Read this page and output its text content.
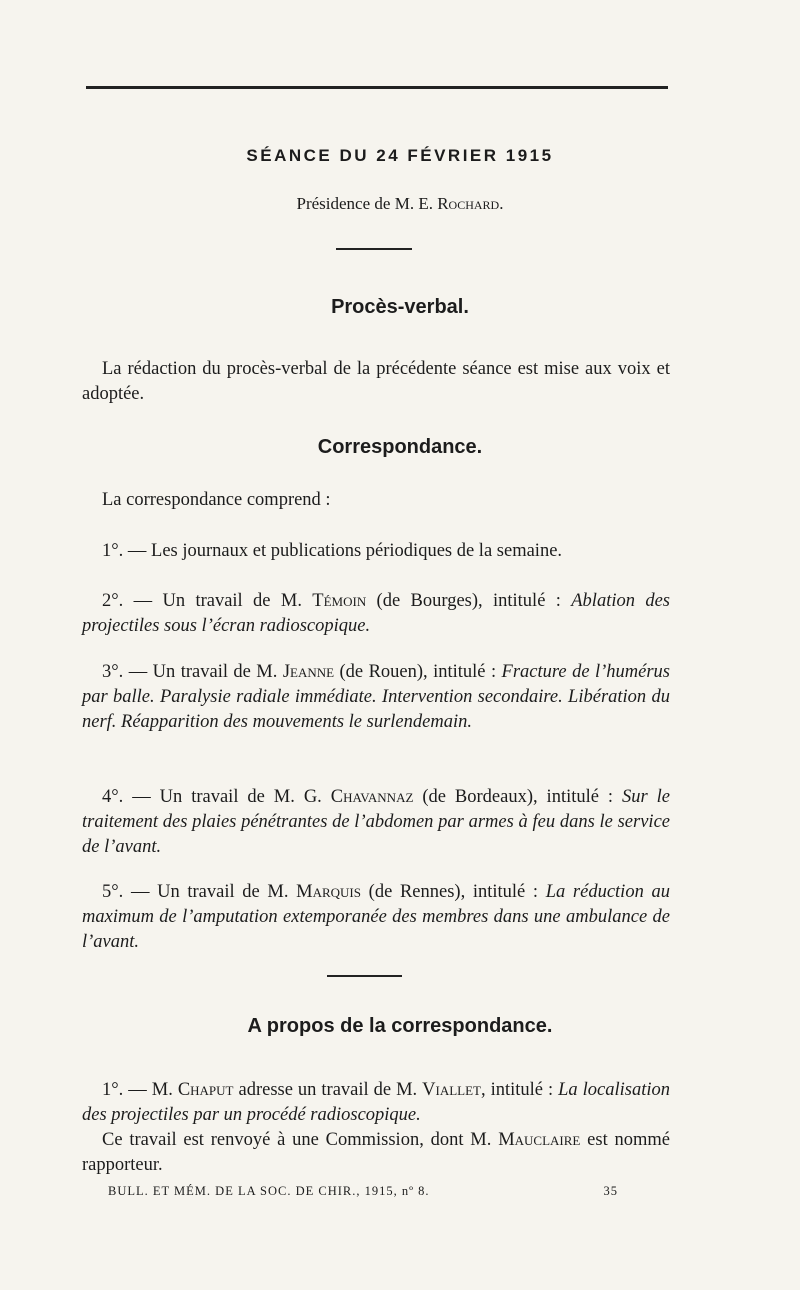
SÉANCE DU 24 FÉVRIER 1915

Présidence de M. E. Rochard.

Procès-verbal.

La rédaction du procès-verbal de la précédente séance est mise aux voix et adoptée.

Correspondance.

La correspondance comprend :

1°. — Les journaux et publications périodiques de la semaine.

2°. — Un travail de M. Témoin (de Bourges), intitulé : Ablation des projectiles sous l’écran radioscopique.

3°. — Un travail de M. Jeanne (de Rouen), intitulé : Fracture de l’humérus par balle. Paralysie radiale immédiate. Intervention secondaire. Libération du nerf. Réapparition des mouvements le surlendemain.

4°. — Un travail de M. G. Chavannaz (de Bordeaux), intitulé : Sur le traitement des plaies pénétrantes de l’abdomen par armes à feu dans le service de l’avant.

5°. — Un travail de M. Marquis (de Rennes), intitulé : La réduction au maximum de l’amputation extemporanée des membres dans une ambulance de l’avant.

A propos de la correspondance.

1°. — M. Chaput adresse un travail de M. Viallet, intitulé : La localisation des projectiles par un procédé radioscopique.

Ce travail est renvoyé à une Commission, dont M. Mauclaire est nommé rapporteur.

BULL. ET MÉM. DE LA SOC. DE CHIR., 1915, nº 8.	35
